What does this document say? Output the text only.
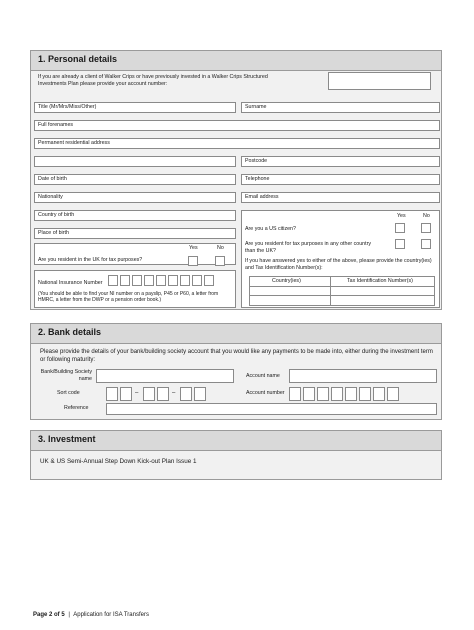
1. Personal details
If you are already a client of Walker Crips or have previously invested in a Walker Crips Structured Investments Plan please provide your account number:
Title (Mr/Mrs/Miss/Other)	Surname
Full forenames
Permanent residential address
Postcode
Date of birth	Telephone
Nationality	Email address
Country of birth
Place of birth
Yes	No
Are you resident in the UK for tax purposes?
National Insurance Number
(You should be able to find your NI number on a payslip, P45 or P60, a letter from HMRC, a letter from the DWP or a pension order book.)
Yes	No
Are you a US citizen?
Are you resident for tax purposes in any other country than the UK?
If you have answered yes to either of the above, please provide the country(ies) and Tax Identification Number(s):
Country(ies)	Tax Identification Number(s)
2. Bank details
Please provide the details of your bank/building society account that you would like any payments to be made into, either during the investment term or following maturity:
Bank/Building Society name	Account name
Sort code	–	–	Account number
Reference
3. Investment
UK & US Semi-Annual Step Down Kick-out Plan Issue 1
Page 2 of 5 | Application for ISA Transfers
